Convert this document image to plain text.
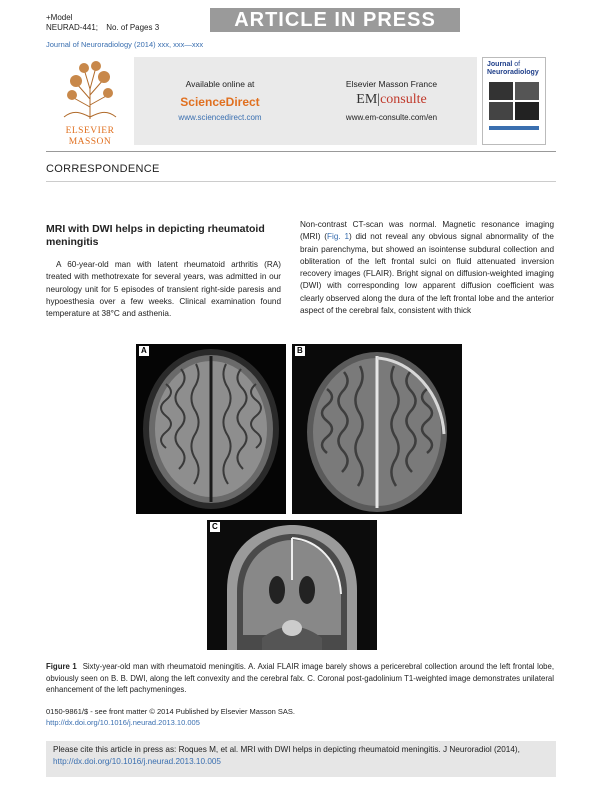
+Model
NEURAD-441; No. of Pages 3	ARTICLE IN PRESS
Journal of Neuroradiology (2014) xxx, xxx—xxx
ELSEVIER MASSON
Available online at
ScienceDirect
www.sciencedirect.com
Elsevier Masson France
EM|consulte
www.em-consulte.com/en
Journal of
Neuroradiology
CORRESPONDENCE
MRI with DWI helps in depicting rheumatoid meningitis
A 60-year-old man with latent rheumatoid arthritis (RA) treated with methotrexate for several years, was admitted in our neurology unit for 5 episodes of transient right-side paresis and hypoesthesia over a few weeks. Clinical examination found temperature at 38°C and asthenia.
Non-contrast CT-scan was normal. Magnetic resonance imaging (MRI) (Fig. 1) did not reveal any obvious signal abnormality of the brain parenchyma, but showed an isointense subdural collection and obliteration of the left frontal sulci on fluid attenuated inversion recovery images (FLAIR). Bright signal on diffusion-weighted imaging (DWI) with corresponding low apparent diffusion coefficient was clearly observed along the dura of the left frontal lobe and the anterior aspect of the cerebral falx, consistent with thick
A	B
C
Figure 1 Sixty-year-old man with rheumatoid meningitis. A. Axial FLAIR image barely shows a pericerebral collection around the left frontal lobe, obviously seen on B. B. DWI, along the left convexity and the cerebral falx. C. Coronal post-gadolinium T1-weighted image demonstrates unilateral enhancement of the left pachymeninges.
0150-9861/$ - see front matter © 2014 Published by Elsevier Masson SAS.
http://dx.doi.org/10.1016/j.neurad.2013.10.005
Please cite this article in press as: Roques M, et al. MRI with DWI helps in depicting rheumatoid meningitis. J Neuroradiol (2014), http://dx.doi.org/10.1016/j.neurad.2013.10.005
